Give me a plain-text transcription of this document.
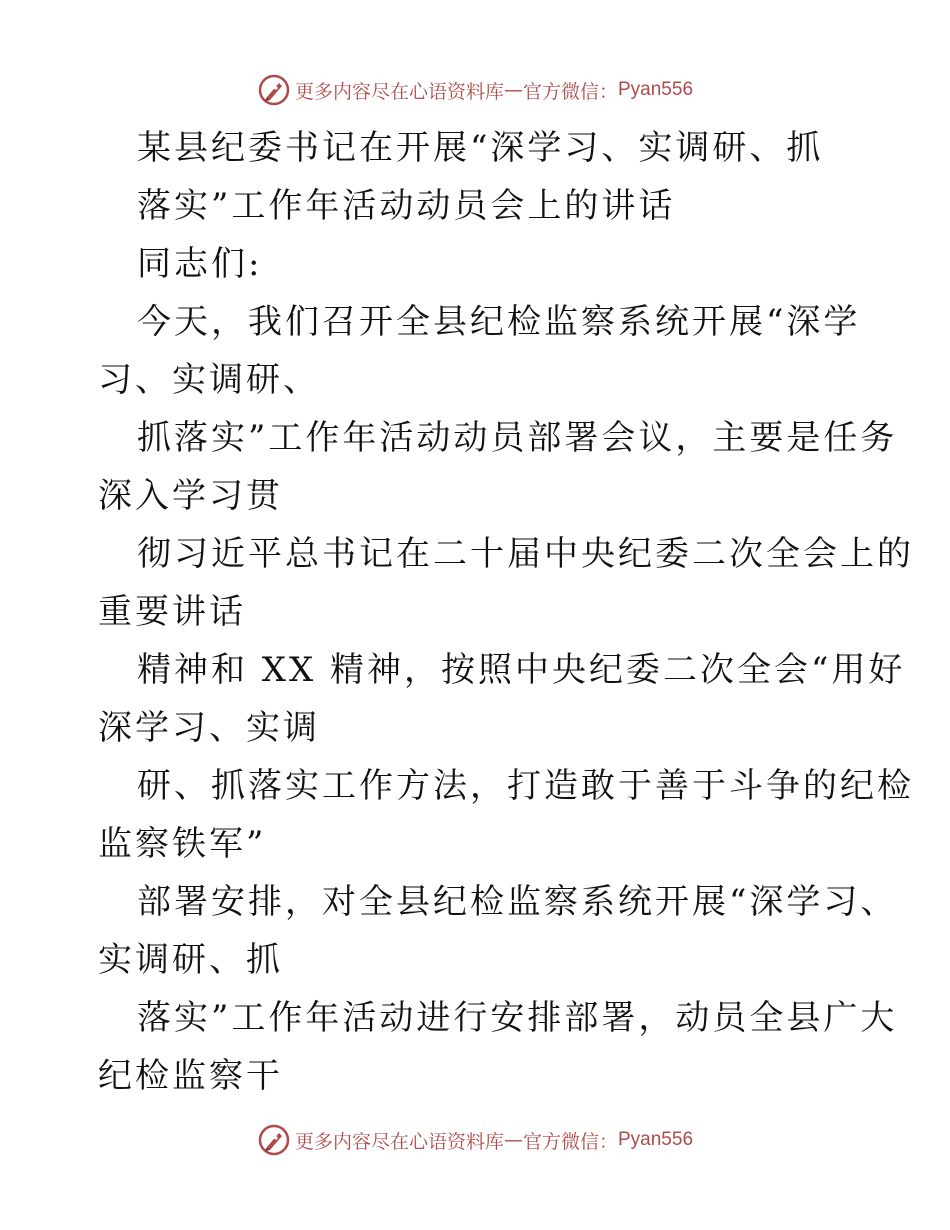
更多内容尽在心语资料库 — 官方微信： Pyan556
某县纪委书记在开展“深学习、实调研、抓
落实”工作年活动动员会上的讲话
同志们:
今天，我们召开全县纪检监察系统开展“深学
习、实调研、
抓落实”工作年活动动员部署会议，主要是任务
深入学习贯
彻习近平总书记在二十届中央纪委二次全会上的
重要讲话
精神和 XX 精神，按照中央纪委二次全会“用好
深学习、实调
研、抓落实工作方法，打造敢于善于斗争的纪检
监察铁军”
部署安排，对全县纪检监察系统开展“深学习、
实调研、抓
落实”工作年活动进行安排部署，动员全县广大
纪检监察干
更多内容尽在心语资料库 — 官方微信： Pyan556
